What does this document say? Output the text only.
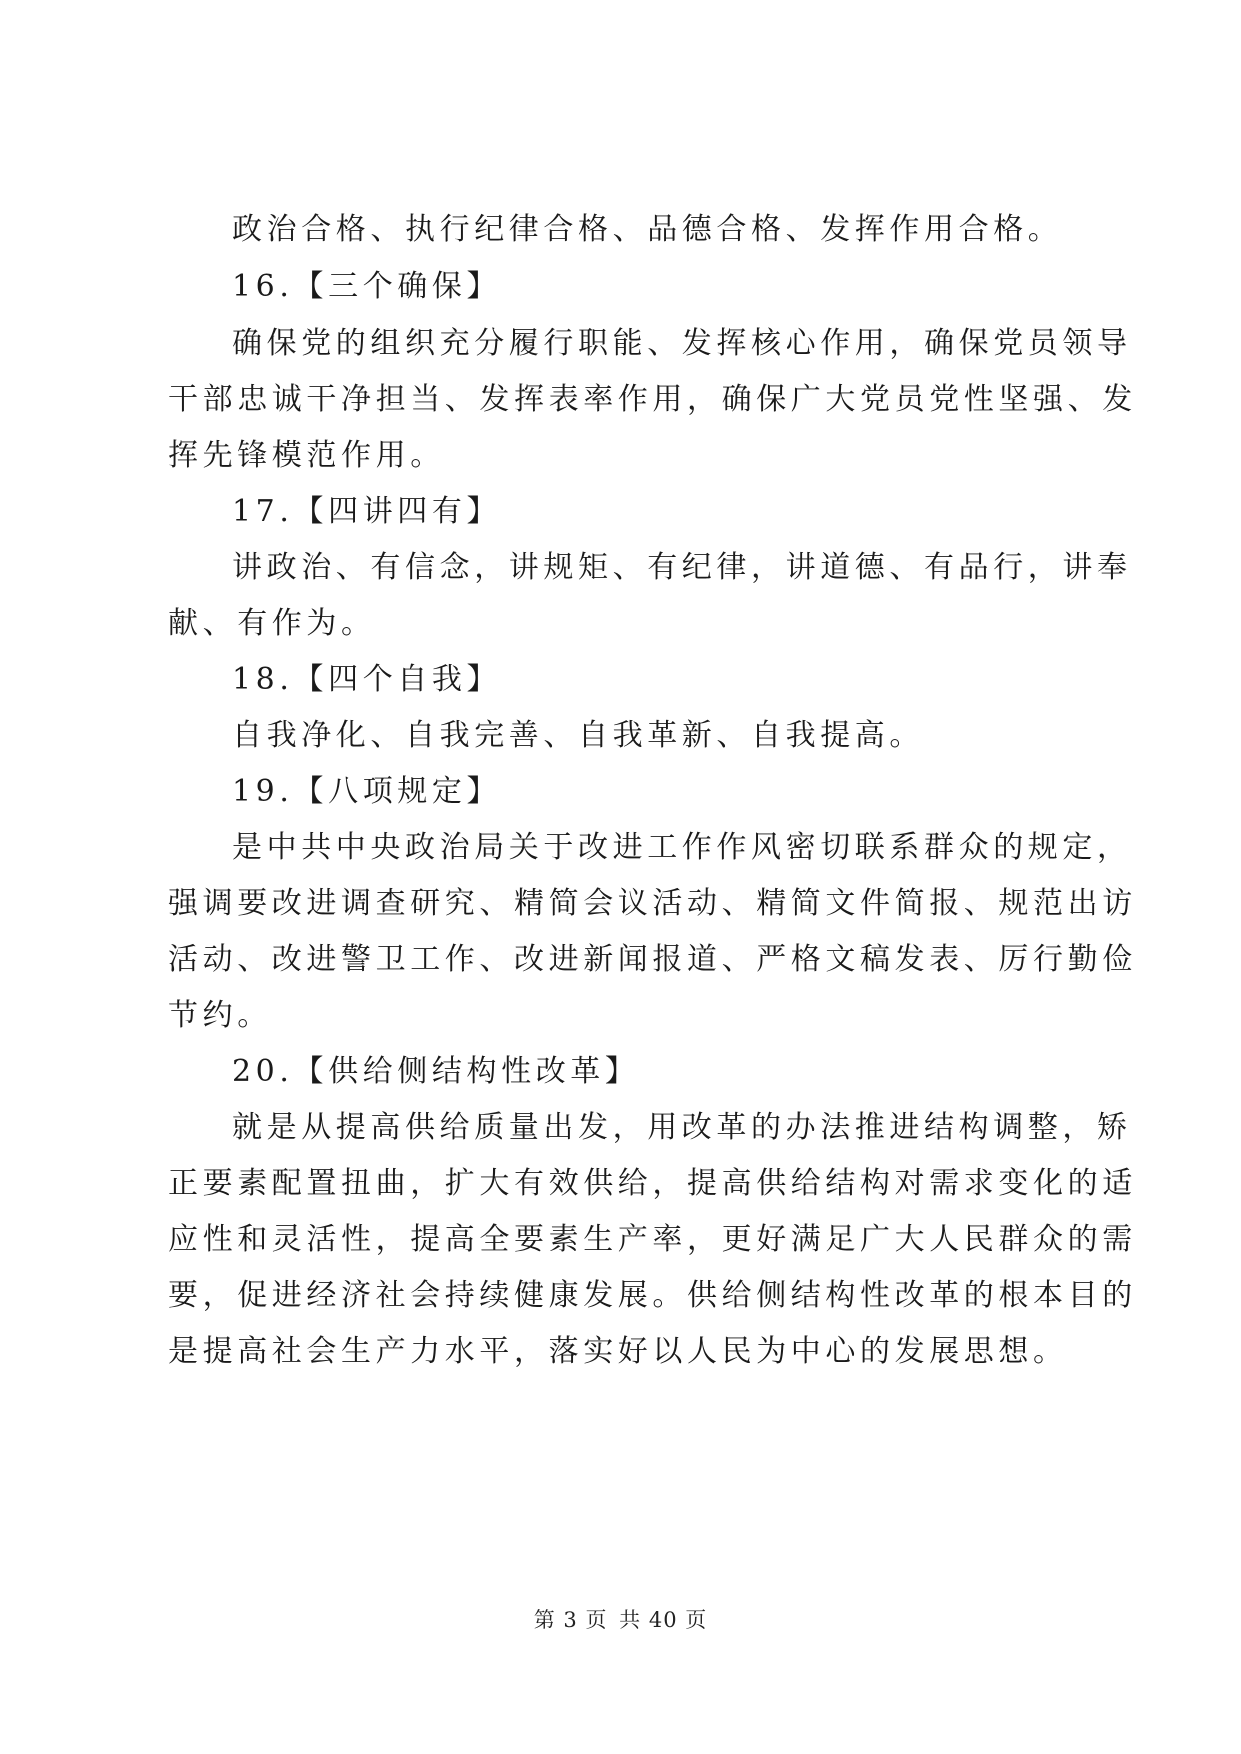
政治合格、执行纪律合格、品德合格、发挥作用合格。
16.【三个确保】
确保党的组织充分履行职能、发挥核心作用，确保党员领导
干部忠诚干净担当、发挥表率作用，确保广大党员党性坚强、发
挥先锋模范作用。
17.【四讲四有】
讲政治、有信念，讲规矩、有纪律，讲道德、有品行，讲奉
献、有作为。
18.【四个自我】
自我净化、自我完善、自我革新、自我提高。
19.【八项规定】
是中共中央政治局关于改进工作作风密切联系群众的规定，
强调要改进调查研究、精简会议活动、精简文件简报、规范出访
活动、改进警卫工作、改进新闻报道、严格文稿发表、厉行勤俭
节约。
20.【供给侧结构性改革】
就是从提高供给质量出发，用改革的办法推进结构调整，矫
正要素配置扭曲，扩大有效供给，提高供给结构对需求变化的适
应性和灵活性，提高全要素生产率，更好满足广大人民群众的需
要，促进经济社会持续健康发展。供给侧结构性改革的根本目的
是提高社会生产力水平，落实好以人民为中心的发展思想。
第 3 页 共 40 页
